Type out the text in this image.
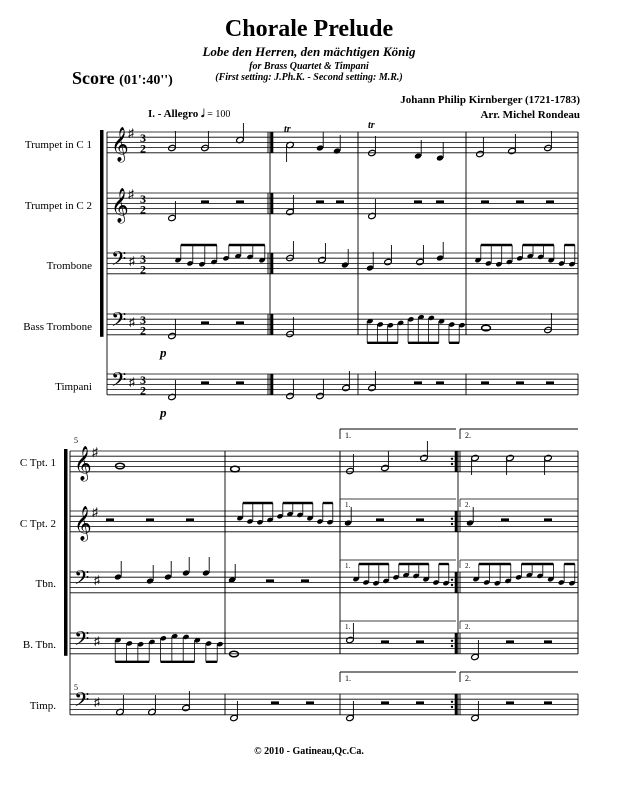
Chorale Prelude
Lobe den Herren, den mächtigen König
for Brass Quartet & Timpani
(First setting: J.Ph.K. - Second setting: M.R.)
Score (01':40'')
Johann Philip Kirnberger (1721-1783)
Arr. Michel Rondeau
I. - Allegro 𝅗𝅥 = 100
𝄞 ♯
𝄞 ♯
𝄢 ♯
𝄢 ♯
𝄢 ♯
𝄞 ♯
𝄞 ♯
𝄢 ♯
𝄢 ♯
𝄢 ♯
Trumpet in C 1
Trumpet in C 2
Trombone
Bass Trombone
Timpani
C Tpt. 1
C Tpt. 2
Tbn.
B. Tbn.
Timp.
5
5
p
p
tr	tr
3
2
3
2
3
2
3
2
3
2
1.	2.
1.	2.
1.	2.
1.	2.
1.	2.
© 2010 - Gatineau,Qc.Ca.
